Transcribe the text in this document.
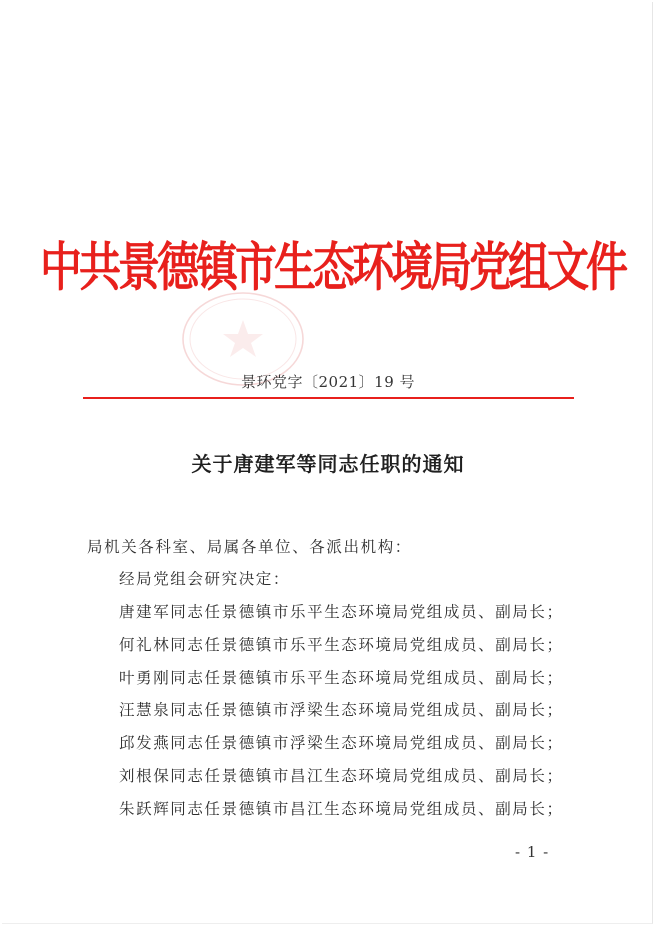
中共景德镇市生态环境局党组文件
景环党字〔2021〕19 号
关于唐建军等同志任职的通知
局机关各科室、局属各单位、各派出机构：
经局党组会研究决定：
唐建军同志任景德镇市乐平生态环境局党组成员、副局长；
何礼林同志任景德镇市乐平生态环境局党组成员、副局长；
叶勇刚同志任景德镇市乐平生态环境局党组成员、副局长；
汪慧泉同志任景德镇市浮梁生态环境局党组成员、副局长；
邱发燕同志任景德镇市浮梁生态环境局党组成员、副局长；
刘根保同志任景德镇市昌江生态环境局党组成员、副局长；
朱跃辉同志任景德镇市昌江生态环境局党组成员、副局长；
- 1 -
